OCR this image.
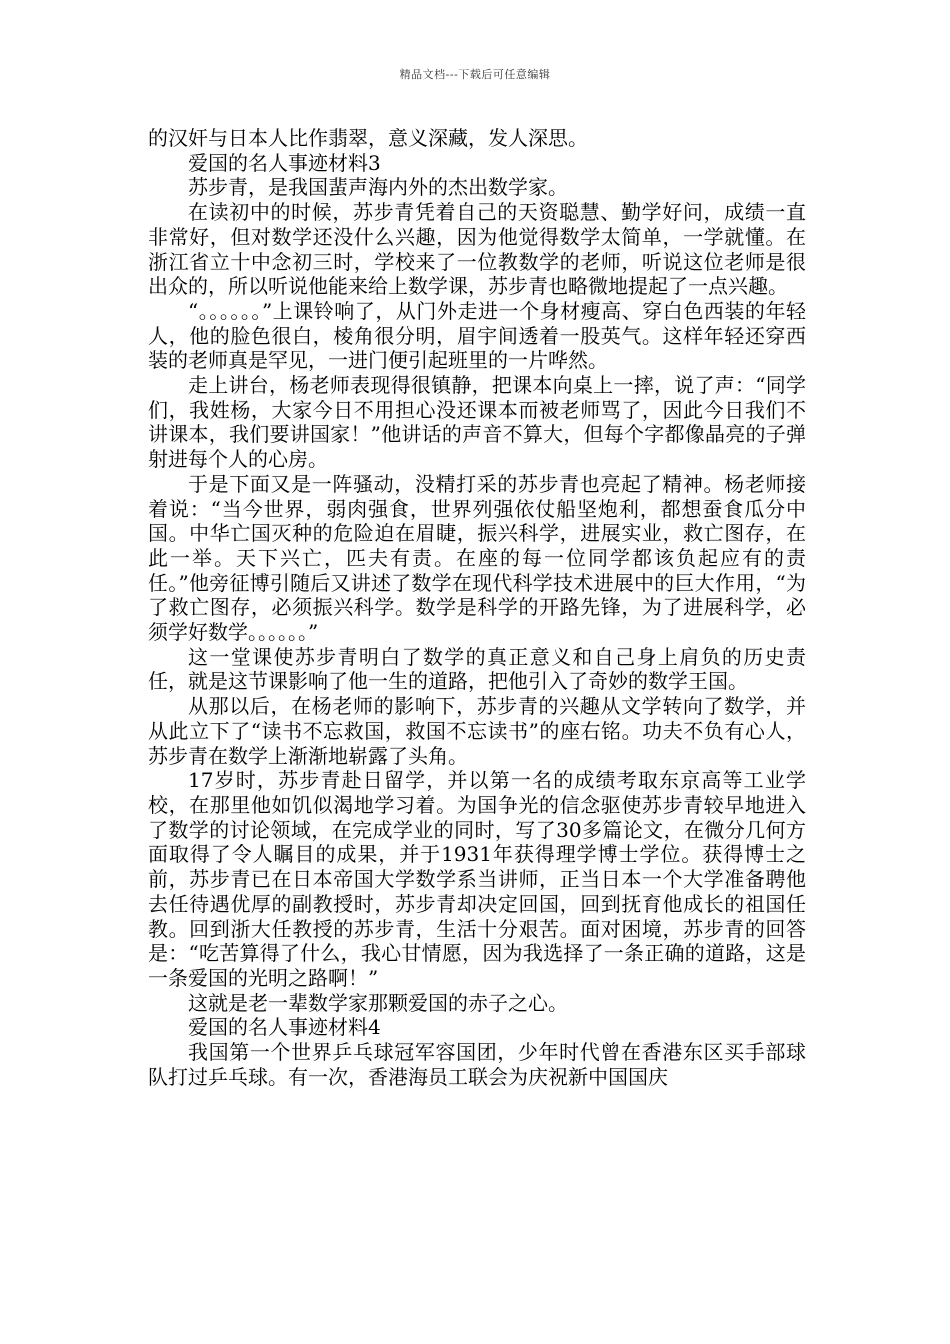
精品文档---下载后可任意编辑

的汉奸与日本人比作翡翠，意义深藏，发人深思。

爱国的名人事迹材料3

苏步青，是我国蜚声海内外的杰出数学家。

在读初中的时候，苏步青凭着自己的天资聪慧、勤学好问，成绩一直非常好，但对数学还没什么兴趣，因为他觉得数学太简单，一学就懂。在浙江省立十中念初三时，学校来了一位教数学的老师，听说这位老师是很出众的，所以听说他能来给上数学课，苏步青也略微地提起了一点兴趣。

“。。。。。。”上课铃响了，从门外走进一个身材瘦高、穿白色西装的年轻人，他的脸色很白，棱角很分明，眉宇间透着一股英气。这样年轻还穿西装的老师真是罕见，一进门便引起班里的一片哗然。

走上讲台，杨老师表现得很镇静，把课本向桌上一摔，说了声：“同学们，我姓杨，大家今日不用担心没还课本而被老师骂了，因此今日我们不讲课本，我们要讲国家！”他讲话的声音不算大，但每个字都像晶亮的子弹射进每个人的心房。

于是下面又是一阵骚动，没精打采的苏步青也亮起了精神。杨老师接着说：“当今世界，弱肉强食，世界列强依仗船坚炮利，都想蚕食瓜分中国。中华亡国灭种的危险迫在眉睫，振兴科学，进展实业，救亡图存，在此一举。天下兴亡，匹夫有责。在座的每一位同学都该负起应有的责任。”他旁征博引随后又讲述了数学在现代科学技术进展中的巨大作用，“为了救亡图存，必须振兴科学。数学是科学的开路先锋，为了进展科学，必须学好数学。。。。。。”

这一堂课使苏步青明白了数学的真正意义和自己身上肩负的历史责任，就是这节课影响了他一生的道路，把他引入了奇妙的数学王国。

从那以后，在杨老师的影响下，苏步青的兴趣从文学转向了数学，并从此立下了“读书不忘救国，救国不忘读书”的座右铭。功夫不负有心人，苏步青在数学上渐渐地崭露了头角。

17岁时，苏步青赴日留学，并以第一名的成绩考取东京高等工业学校，在那里他如饥似渴地学习着。为国争光的信念驱使苏步青较早地进入了数学的讨论领域，在完成学业的同时，写了30多篇论文，在微分几何方面取得了令人瞩目的成果，并于1931年获得理学博士学位。获得博士之前，苏步青已在日本帝国大学数学系当讲师，正当日本一个大学准备聘他去任待遇优厚的副教授时，苏步青却决定回国，回到抚育他成长的祖国任教。回到浙大任教授的苏步青，生活十分艰苦。面对困境，苏步青的回答是：“吃苦算得了什么，我心甘情愿，因为我选择了一条正确的道路，这是一条爱国的光明之路啊！”

这就是老一辈数学家那颗爱国的赤子之心。

爱国的名人事迹材料4

我国第一个世界乒乓球冠军容国团，少年时代曾在香港东区买手部球队打过乒乓球。有一次，香港海员工联会为庆祝新中国国庆
